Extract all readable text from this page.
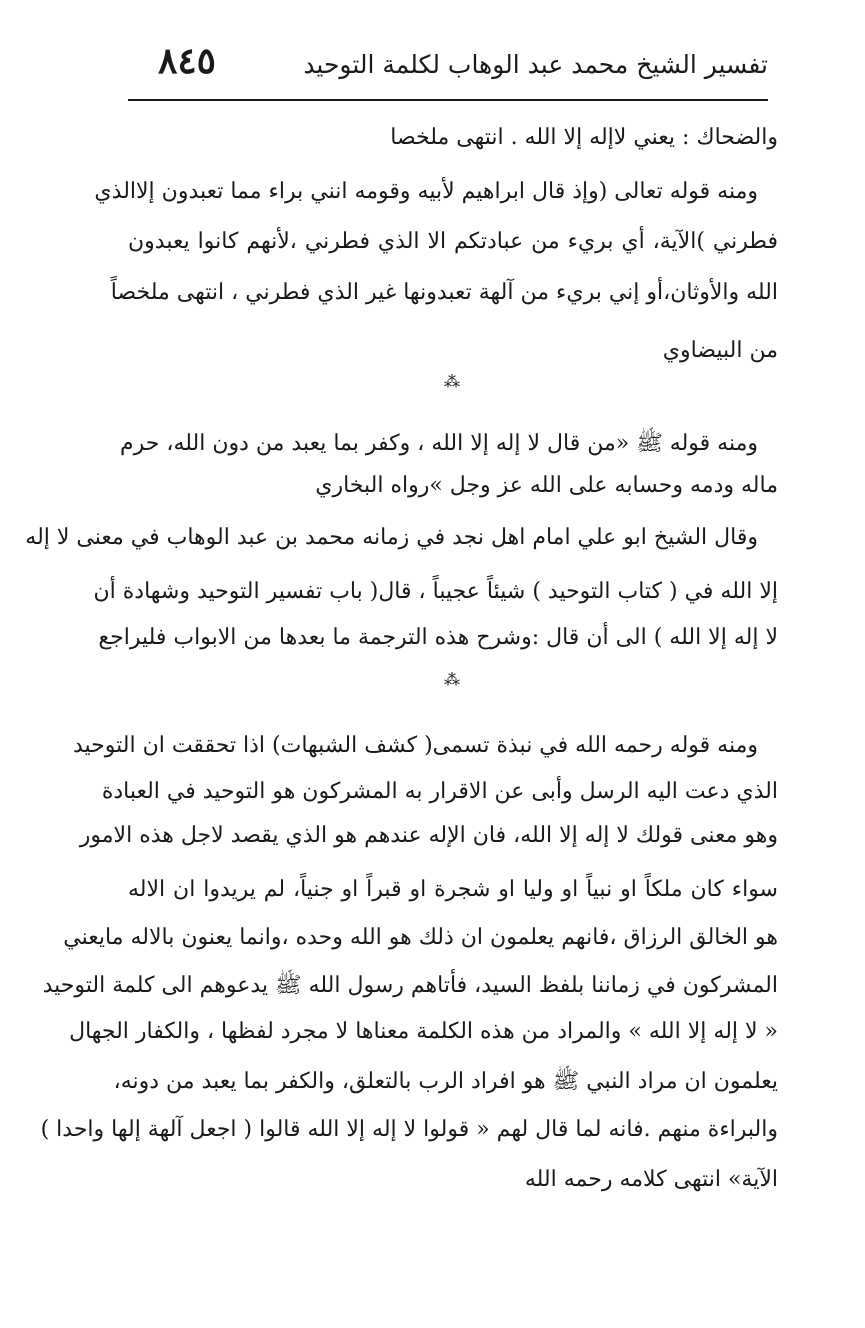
تفسير الشيخ محمد عبد الوهاب لكلمة التوحيد
٨٤٥
والضحاك : يعني لاإله إلا الله . انتهى ملخصا
ومنه قوله تعالى (وإذ قال ابراهيم لأبيه وقومه انني براء مما تعبدون إلاالذي
فطرني )الآية، أي بريء من عبادتكم الا الذي فطرني ،لأنهم كانوا يعبدون
الله والأوثان،أو إني بريء من آلهة تعبدونها غير الذي فطرني ، انتهى ملخصاً
من البيضاوي
⁂
ومنه قوله ﷺ «من قال لا إله إلا الله ، وكفر بما يعبد من دون الله، حرم
ماله ودمه وحسابه على الله عز وجل »رواه البخاري
وقال الشيخ ابو علي امام اهل نجد في زمانه محمد بن عبد الوهاب في معنى لا إله
إلا الله في ( كتاب التوحيد ) شيئاً عجيباً ، قال( باب تفسير التوحيد وشهادة أن
لا إله إلا الله ) الى أن قال :وشرح هذه الترجمة ما بعدها من الابواب فليراجع
⁂
ومنه قوله رحمه الله في نبذة تسمى( كشف الشبهات) اذا تحققت ان التوحيد
الذي دعت اليه الرسل وأبى عن الاقرار به المشركون هو التوحيد في العبادة
وهو معنى قولك لا إله إلا الله، فان الإله عندهم هو الذي يقصد لاجل هذه الامور
سواء كان ملكاً او نبياً او وليا او شجرة او قبراً او جنياً، لم يريدوا ان الاله
هو الخالق الرزاق ،فانهم يعلمون ان ذلك هو الله وحده ،وانما يعنون بالاله مايعني
المشركون في زماننا بلفظ السيد، فأتاهم رسول الله ﷺ يدعوهم الى كلمة التوحيد
« لا إله إلا الله » والمراد من هذه الكلمة معناها لا مجرد لفظها ، والكفار الجهال
يعلمون ان مراد النبي ﷺ هو افراد الرب بالتعلق، والكفر بما يعبد من دونه،
والبراءة منهم .فانه لما قال لهم « قولوا لا إله إلا الله قالوا ( اجعل آلهة إلها واحدا )
الآية» انتهى كلامه رحمه الله
